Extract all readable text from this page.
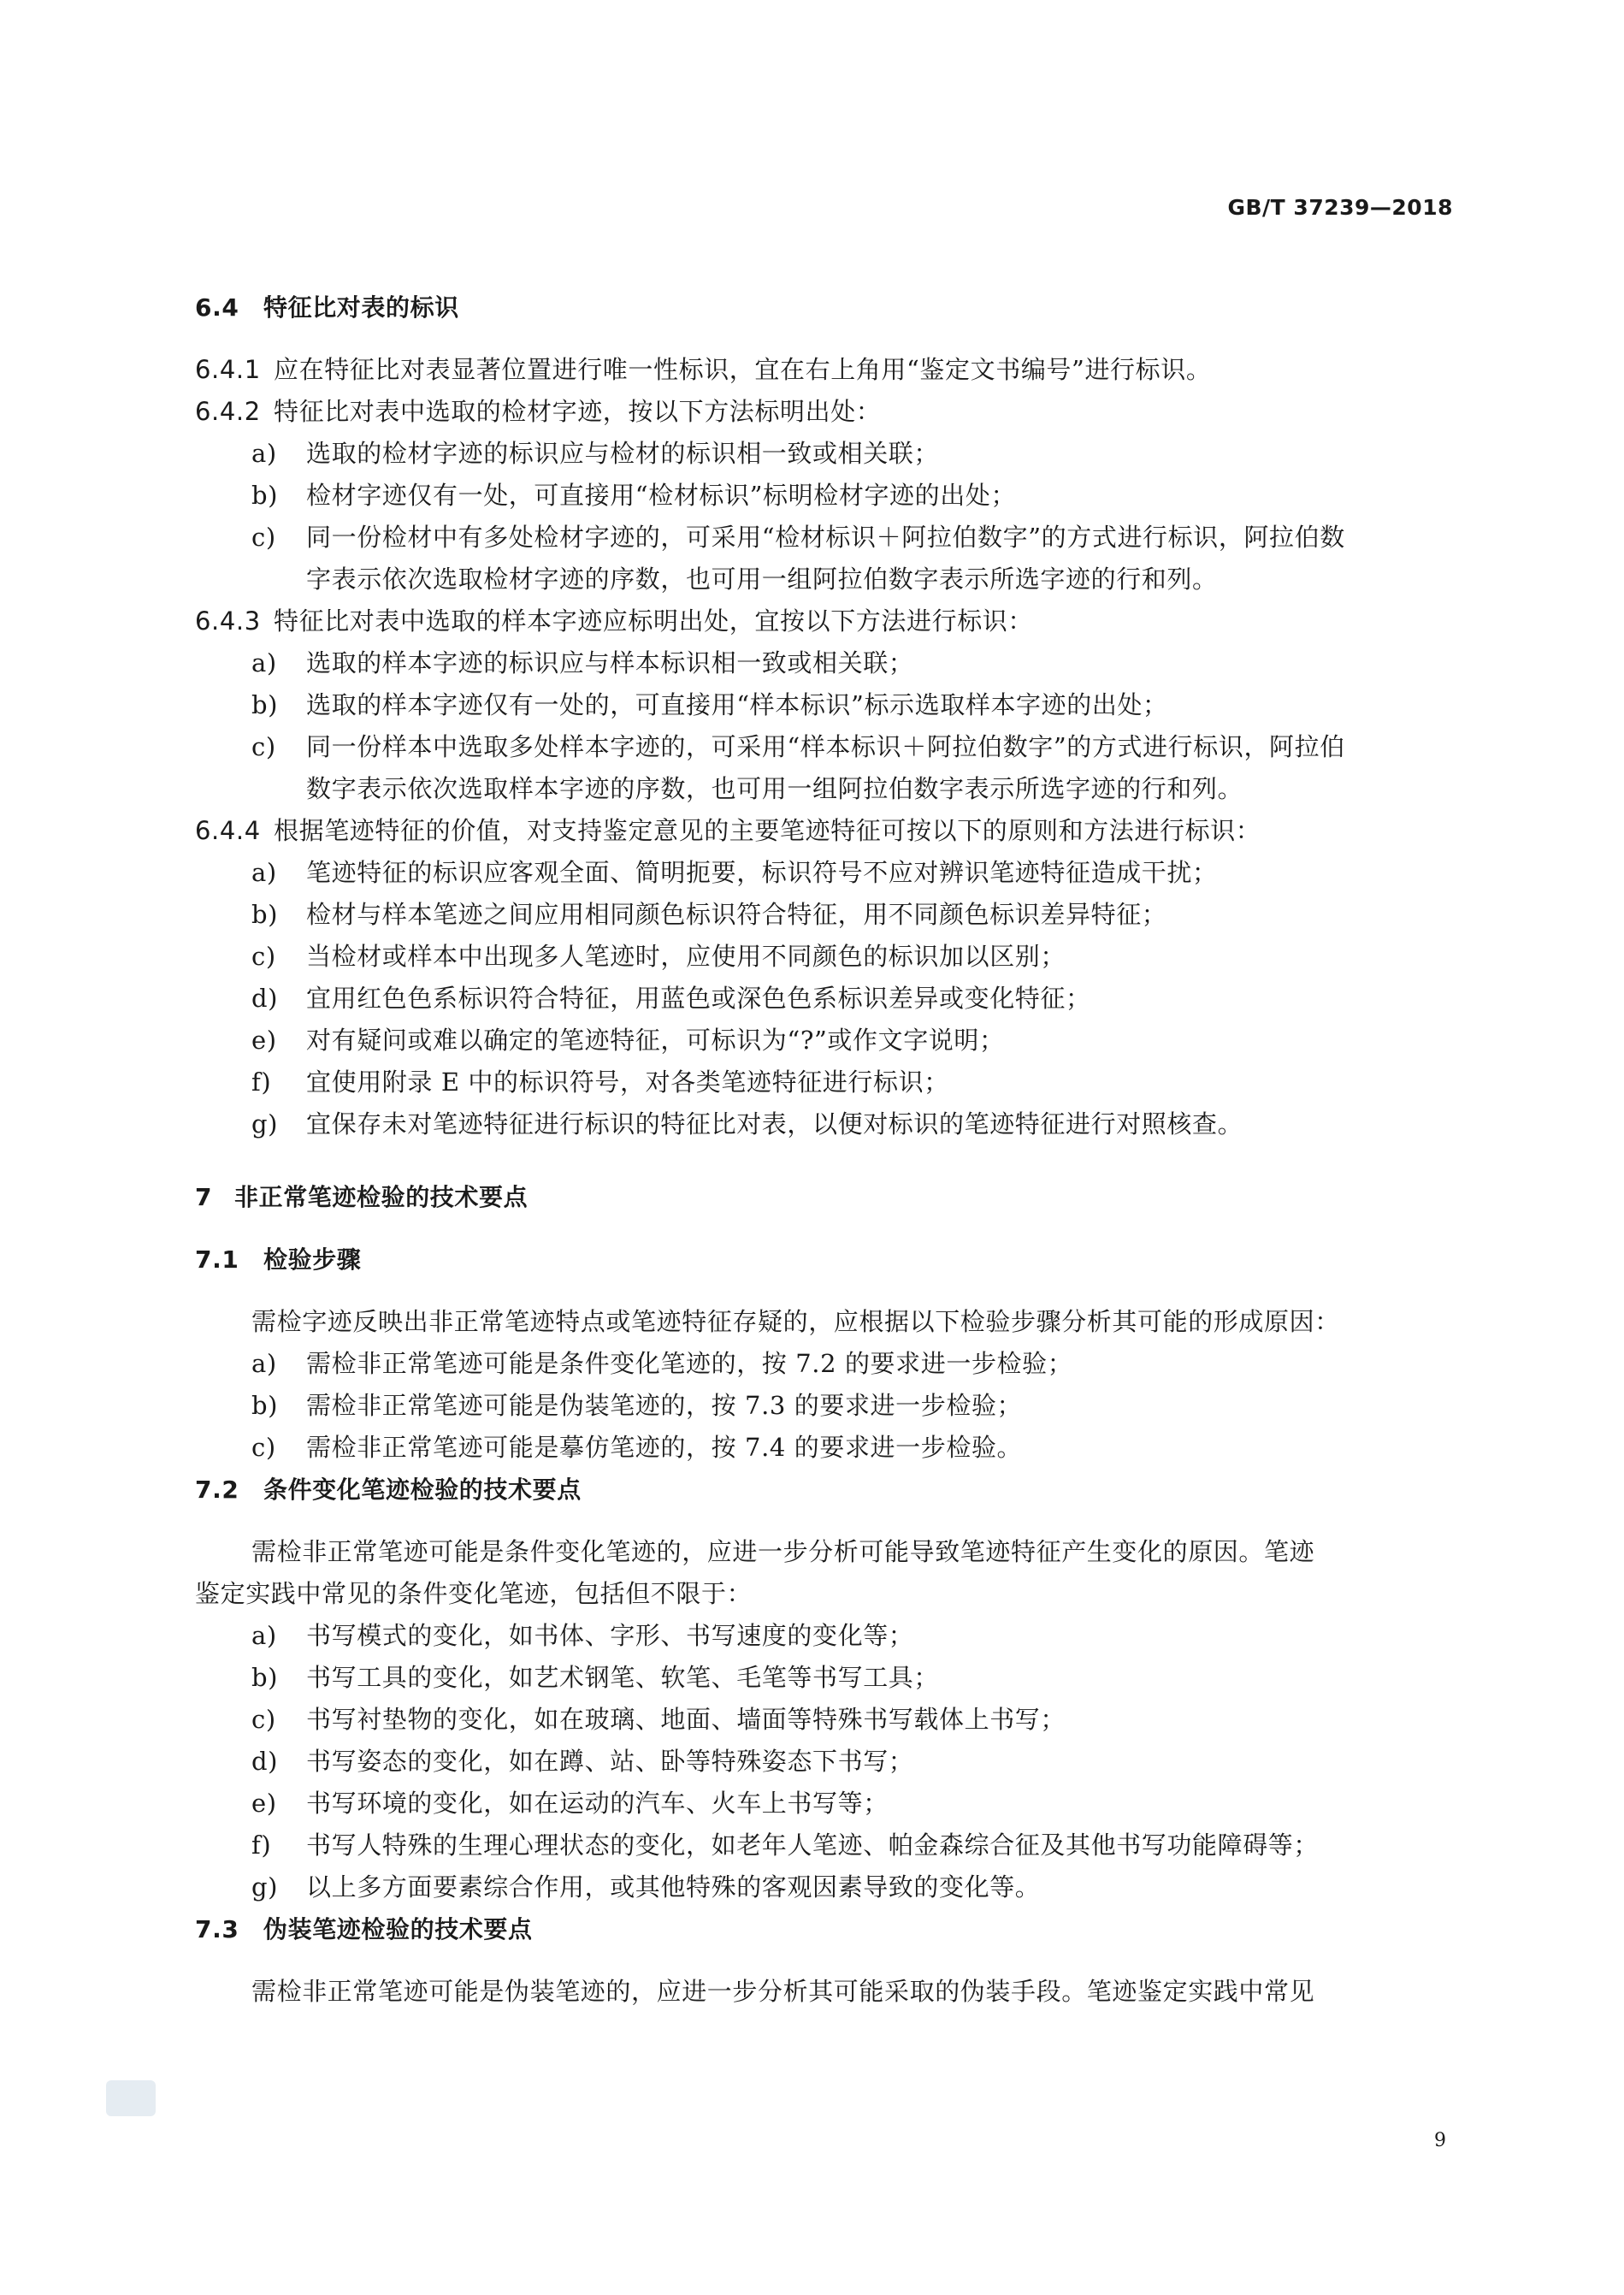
GB/T 37239—2018
6.4 特征比对表的标识
6.4.1 应在特征比对表显著位置进行唯一性标识，宜在右上角用“鉴定文书编号”进行标识。
6.4.2 特征比对表中选取的检材字迹，按以下方法标明出处：
a) 选取的检材字迹的标识应与检材的标识相一致或相关联；
b) 检材字迹仅有一处，可直接用“检材标识”标明检材字迹的出处；
c) 同一份检材中有多处检材字迹的，可采用“检材标识＋阿拉伯数字”的方式进行标识，阿拉伯数
字表示依次选取检材字迹的序数，也可用一组阿拉伯数字表示所选字迹的行和列。
6.4.3 特征比对表中选取的样本字迹应标明出处，宜按以下方法进行标识：
a) 选取的样本字迹的标识应与样本标识相一致或相关联；
b) 选取的样本字迹仅有一处的，可直接用“样本标识”标示选取样本字迹的出处；
c) 同一份样本中选取多处样本字迹的，可采用“样本标识＋阿拉伯数字”的方式进行标识，阿拉伯
数字表示依次选取样本字迹的序数，也可用一组阿拉伯数字表示所选字迹的行和列。
6.4.4 根据笔迹特征的价值，对支持鉴定意见的主要笔迹特征可按以下的原则和方法进行标识：
a) 笔迹特征的标识应客观全面、简明扼要，标识符号不应对辨识笔迹特征造成干扰；
b) 检材与样本笔迹之间应用相同颜色标识符合特征，用不同颜色标识差异特征；
c) 当检材或样本中出现多人笔迹时，应使用不同颜色的标识加以区别；
d) 宜用红色色系标识符合特征，用蓝色或深色色系标识差异或变化特征；
e) 对有疑问或难以确定的笔迹特征，可标识为“?”或作文字说明；
f) 宜使用附录 E 中的标识符号，对各类笔迹特征进行标识；
g) 宜保存未对笔迹特征进行标识的特征比对表，以便对标识的笔迹特征进行对照核查。
7 非正常笔迹检验的技术要点
7.1 检验步骤
需检字迹反映出非正常笔迹特点或笔迹特征存疑的，应根据以下检验步骤分析其可能的形成原因：
a) 需检非正常笔迹可能是条件变化笔迹的，按 7.2 的要求进一步检验；
b) 需检非正常笔迹可能是伪装笔迹的，按 7.3 的要求进一步检验；
c) 需检非正常笔迹可能是摹仿笔迹的，按 7.4 的要求进一步检验。
7.2 条件变化笔迹检验的技术要点
需检非正常笔迹可能是条件变化笔迹的，应进一步分析可能导致笔迹特征产生变化的原因。笔迹
鉴定实践中常见的条件变化笔迹，包括但不限于：
a) 书写模式的变化，如书体、字形、书写速度的变化等；
b) 书写工具的变化，如艺术钢笔、软笔、毛笔等书写工具；
c) 书写衬垫物的变化，如在玻璃、地面、墙面等特殊书写载体上书写；
d) 书写姿态的变化，如在蹲、站、卧等特殊姿态下书写；
e) 书写环境的变化，如在运动的汽车、火车上书写等；
f) 书写人特殊的生理心理状态的变化，如老年人笔迹、帕金森综合征及其他书写功能障碍等；
g) 以上多方面要素综合作用，或其他特殊的客观因素导致的变化等。
7.3 伪装笔迹检验的技术要点
需检非正常笔迹可能是伪装笔迹的，应进一步分析其可能采取的伪装手段。笔迹鉴定实践中常见
9
